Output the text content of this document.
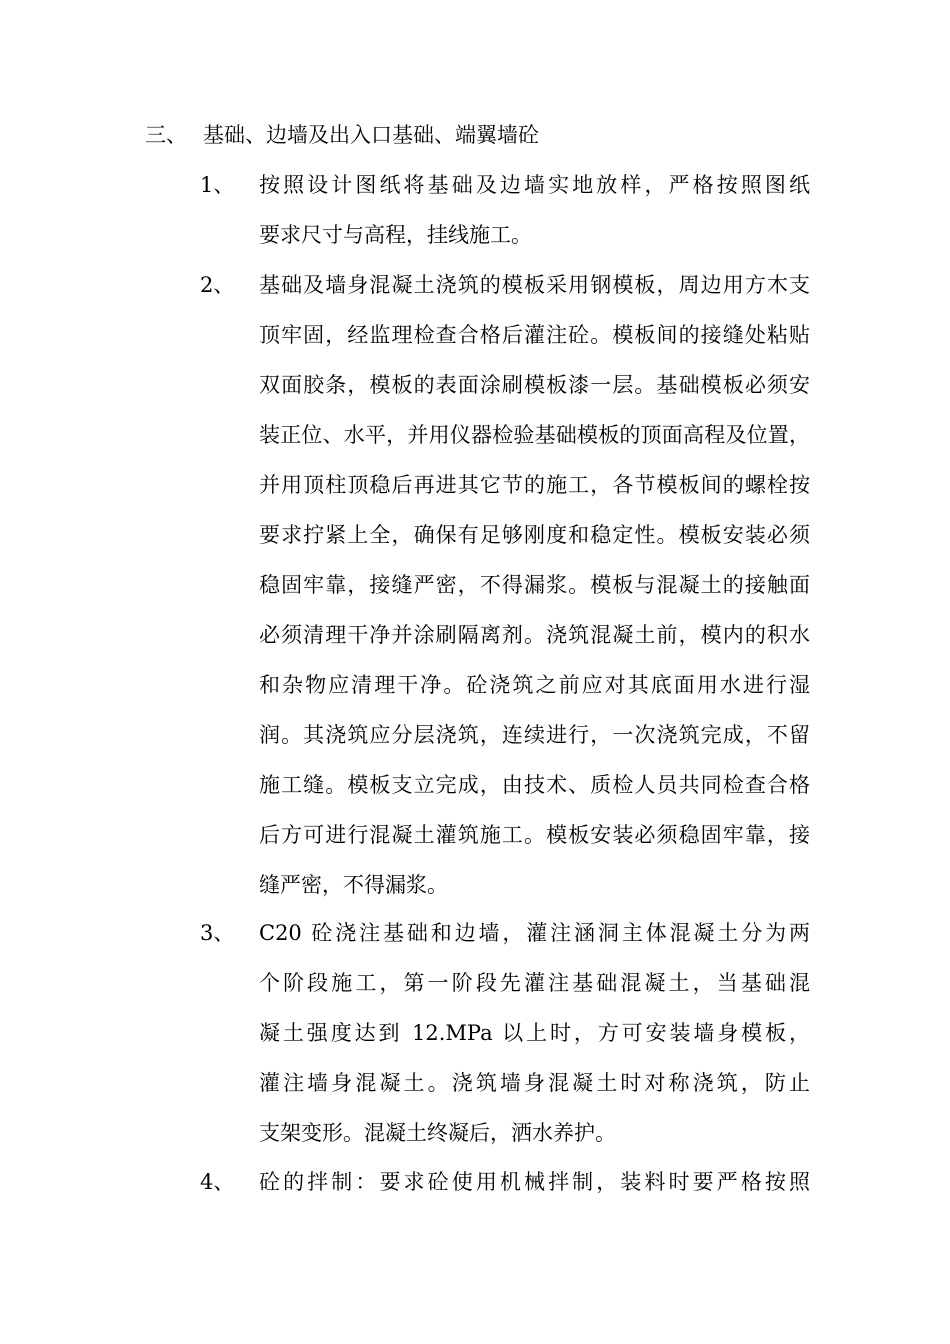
三、 基础、边墙及出入口基础、端翼墙砼
1、 按照设计图纸将基础及边墙实地放样，严格按照图纸
要求尺寸与高程，挂线施工。
2、 基础及墙身混凝土浇筑的模板采用钢模板，周边用方木支
顶牢固，经监理检查合格后灌注砼。模板间的接缝处粘贴
双面胶条，模板的表面涂刷模板漆一层。基础模板必须安
装正位、水平，并用仪器检验基础模板的顶面高程及位置，
并用顶柱顶稳后再进其它节的施工，各节模板间的螺栓按
要求拧紧上全，确保有足够刚度和稳定性。模板安装必须
稳固牢靠，接缝严密，不得漏浆。模板与混凝土的接触面
必须清理干净并涂刷隔离剂。浇筑混凝土前，模内的积水
和杂物应清理干净。砼浇筑之前应对其底面用水进行湿
润。其浇筑应分层浇筑，连续进行，一次浇筑完成，不留
施工缝。模板支立完成，由技术、质检人员共同检查合格
后方可进行混凝土灌筑施工。模板安装必须稳固牢靠，接
缝严密，不得漏浆。
3、 C20 砼浇注基础和边墙，灌注涵洞主体混凝土分为两
个阶段施工，第一阶段先灌注基础混凝土，当基础混
凝土强度达到 12.MPa 以上时，方可安装墙身模板，
灌注墙身混凝土。浇筑墙身混凝土时对称浇筑，防止
支架变形。混凝土终凝后，洒水养护。
4、 砼的拌制：要求砼使用机械拌制，装料时要严格按照
